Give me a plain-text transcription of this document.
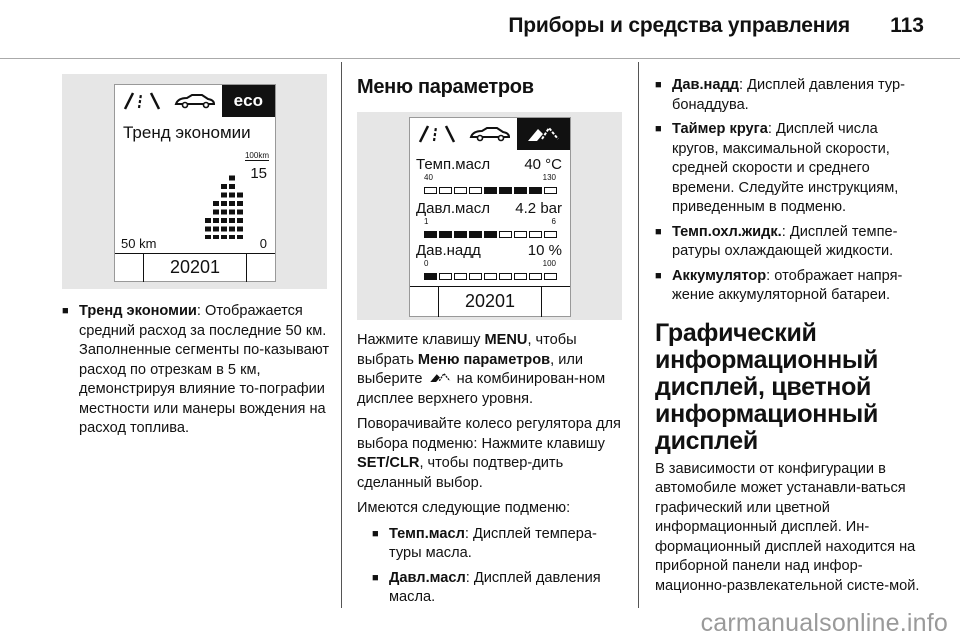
Приборы и средства управления 113
eco
Тренд экономии
100km
15
50 km	0
20201
■ Тренд экономии: Отображается средний расход за последние 50 км. Заполненные сегменты по-казывают расход по отрезкам в 5 км, демонстрируя влияние то-пографии местности или манеры вождения на расход топлива.
Меню параметров
Темп.масл 40 °C
40	130
Давл.масл 4.2 bar
1	6
Дав.надд	10 %
0	100
20201

Нажмите клавишу MENU, чтобы выбрать Меню параметров, или выберите  на комбинирован-ном дисплее верхнего уровня.

Поворачивайте колесо регулятора для выбора подменю: Нажмите клавишу SET/CLR, чтобы подтвер-дить сделанный выбор.

Имеются следующие подменю:

■ Темп.масл: Дисплей темпера-туры масла.
■ Давл.масл: Дисплей давления масла.
■ Дав.надд: Дисплей давления тур-бонаддува.
■ Таймер круга: Дисплей числа кругов, максимальной скорости, средней скорости и среднего времени. Следуйте инструкциям, приведенным в подменю.
■ Темп.охл.жидк.: Дисплей темпе-ратуры охлаждающей жидкости.
■ Аккумулятор: отображает напря-жение аккумуляторной батареи.
Графический информационный дисплей, цветной информационный дисплей

В зависимости от конфигурации в автомобиле может устанавли-ваться графический или цветной информационный дисплей. Ин-формационный дисплей находится на приборной панели над инфор-мационно-развлекательной систе-мой.

carmanualsonline.info
